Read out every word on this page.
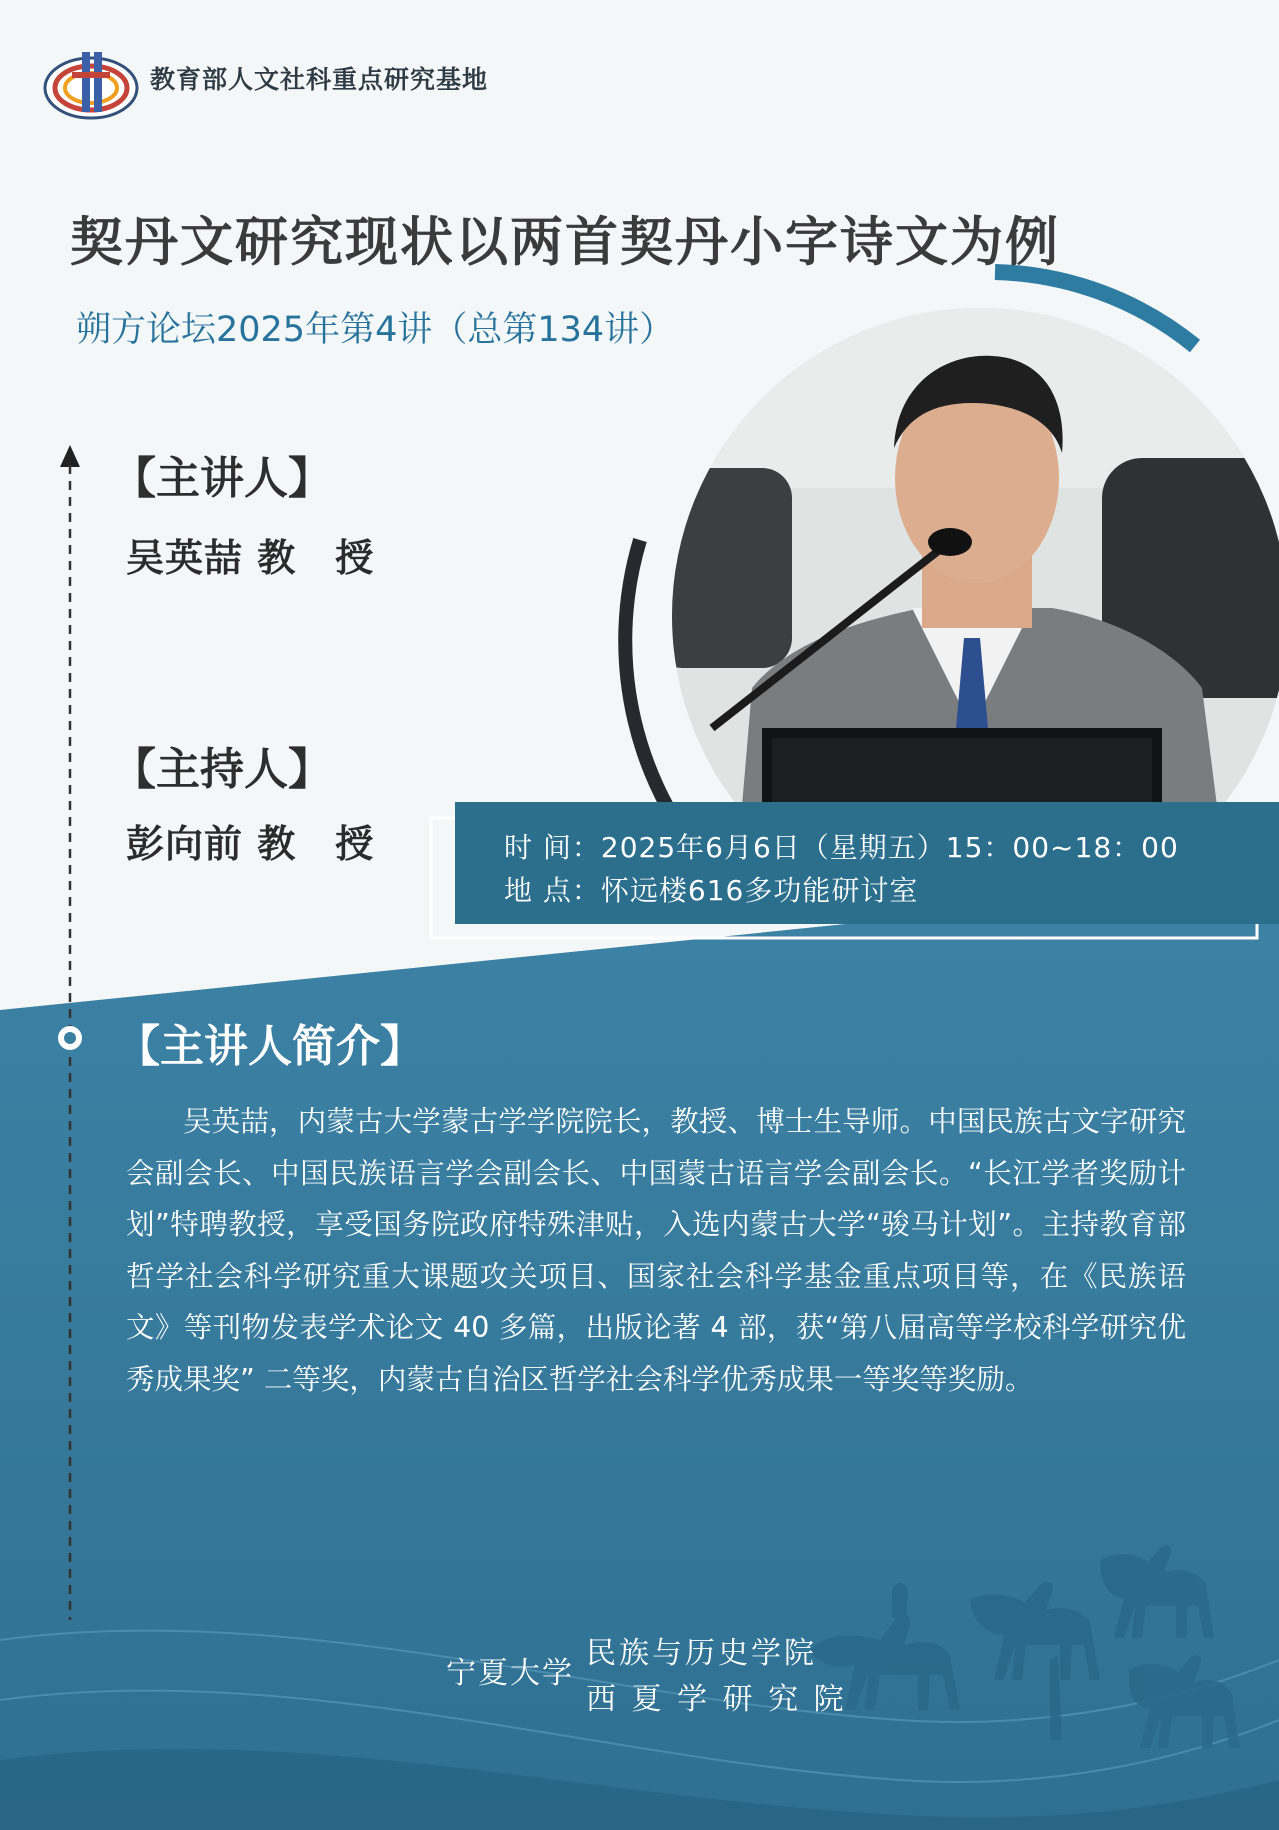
教育部人文社科重点研究基地
契丹文研究现状以两首契丹小字诗文为例
朔方论坛2025年第4讲（总第134讲）
【主讲人】
吴英喆 教　授
【主持人】
彭向前 教　授	时 间：2025年6月6日（星期五）15：00~18：00
地 点：怀远楼616多功能研讨室
【主讲人简介】
吴英喆，内蒙古大学蒙古学学院院长，教授、博士生导师。中国民族古文字研究会副会长、中国民族语言学会副会长、中国蒙古语言学会副会长。“长江学者奖励计划”特聘教授，享受国务院政府特殊津贴，入选内蒙古大学“骏马计划”。主持教育部哲学社会科学研究重大课题攻关项目、国家社会科学基金重点项目等，在《民族语文》等刊物发表学术论文 40 多篇，出版论著 4 部，获“第八届高等学校科学研究优秀成果奖” 二等奖，内蒙古自治区哲学社会科学优秀成果一等奖等奖励。
宁夏大学
民族与历史学院
西 夏 学 研 究 院
